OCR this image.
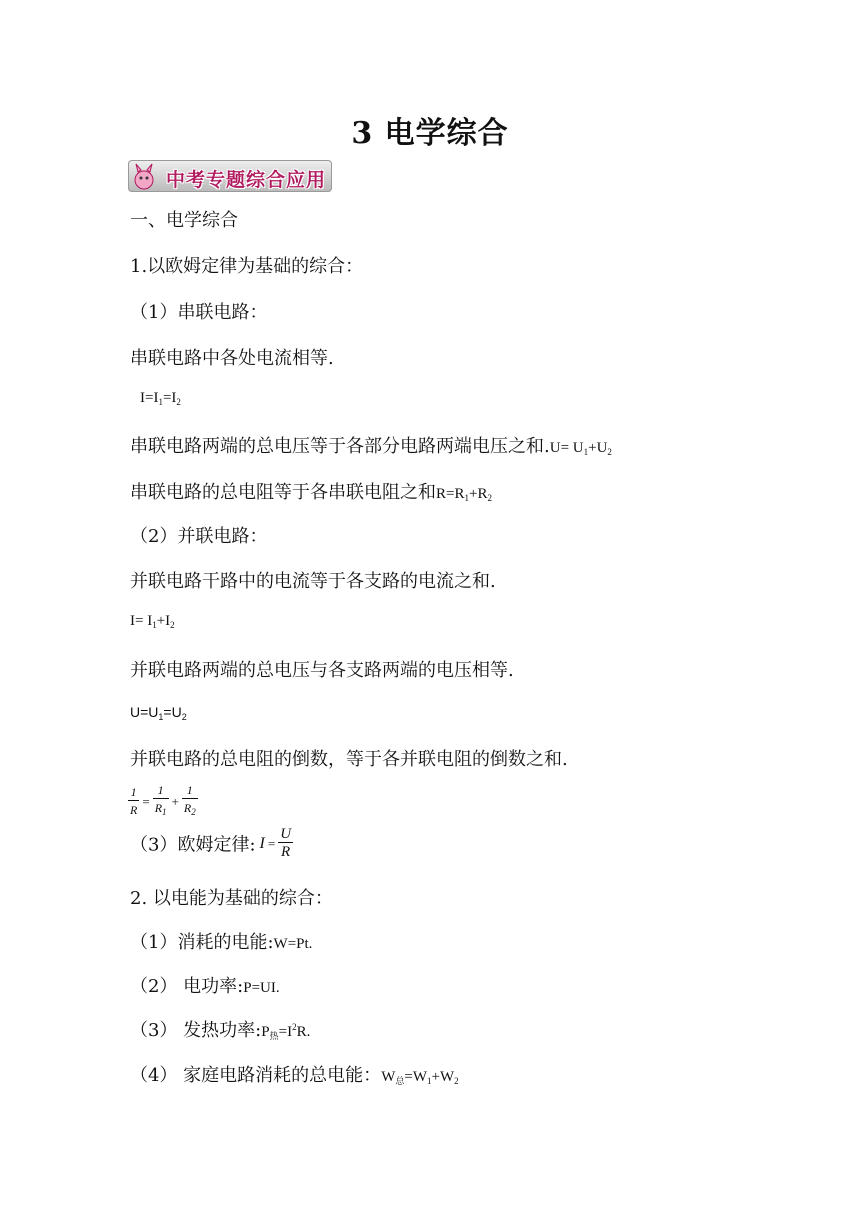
3 电学综合
中考专题综合应用
一、电学综合
1.以欧姆定律为基础的综合：
（1）串联电路：
串联电路中各处电流相等.
$I=I_1=I_2$
串联电路两端的总电压等于各部分电路两端电压之和$.U= U_1+U_2$
串联电路的总电阻等于各串联电阻之和$R=R_1+R_2$
（2）并联电路：
并联电路干路中的电流等于各支路的电流之和.
$I= I_1+I_2$
并联电路两端的总电压与各支路两端的电压相等.
$U=U_1=U_2$
并联电路的总电阻的倒数，等于各并联电阻的倒数之和.
$\frac{1}{R} = \frac{1}{R_1} + \frac{1}{R_2}$
（3）欧姆定律: $I = \frac{U}{R}$
2. 以电能为基础的综合：
（1）消耗的电能:W=Pt.
（2） 电功率:P=UI.
（3） 发热功率$:P_热=I^2R$.
（4） 家庭电路消耗的总电能：$W_总=W_1+W_2$
